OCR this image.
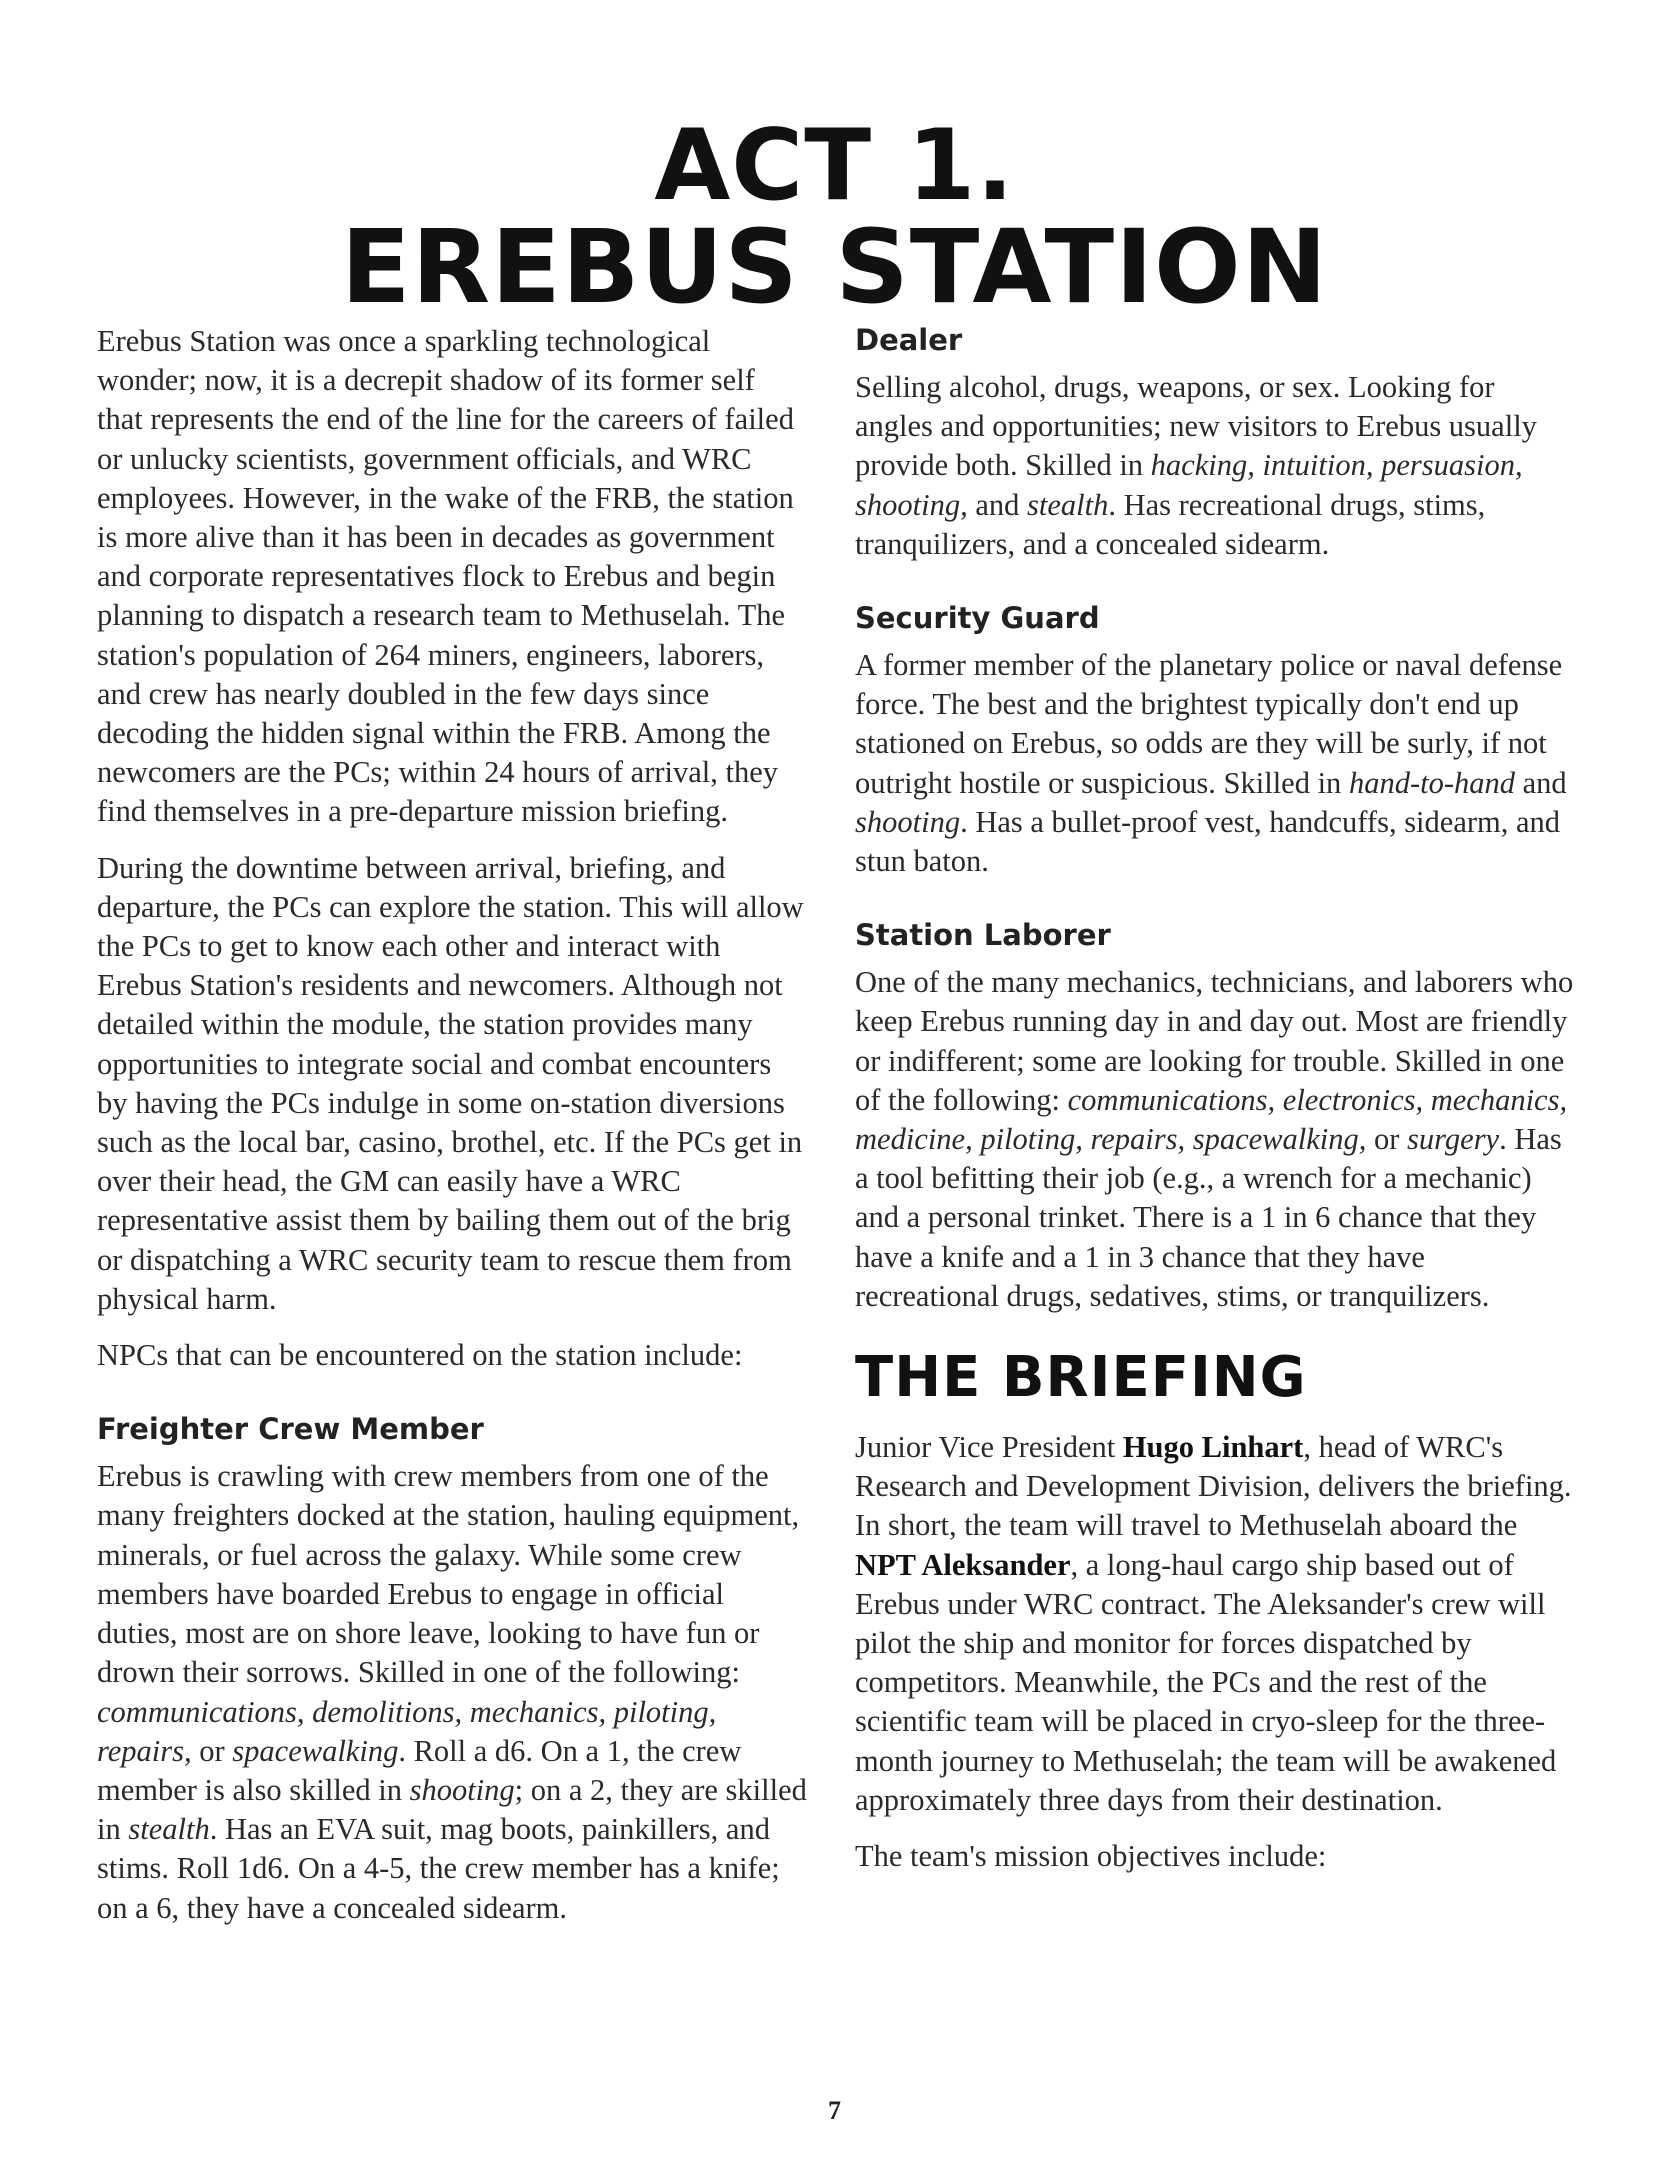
ACT 1.
EREBUS STATION

Erebus Station was once a sparkling technological wonder; now, it is a decrepit shadow of its former self that represents the end of the line for the careers of failed or unlucky scientists, government officials, and WRC employees. However, in the wake of the FRB, the station is more alive than it has been in decades as government and corporate representatives flock to Erebus and begin planning to dispatch a research team to Methuselah. The station's population of 264 miners, engineers, laborers, and crew has nearly doubled in the few days since decoding the hidden signal within the FRB. Among the newcomers are the PCs; within 24 hours of arrival, they find themselves in a pre-departure mission briefing.

During the downtime between arrival, briefing, and departure, the PCs can explore the station. This will allow the PCs to get to know each other and interact with Erebus Station's residents and newcomers. Although not detailed within the module, the station provides many opportunities to integrate social and combat encounters by having the PCs indulge in some on-station diversions such as the local bar, casino, brothel, etc. If the PCs get in over their head, the GM can easily have a WRC representative assist them by bailing them out of the brig or dispatching a WRC security team to rescue them from physical harm.

NPCs that can be encountered on the station include:

Freighter Crew Member

Erebus is crawling with crew members from one of the many freighters docked at the station, hauling equipment, minerals, or fuel across the galaxy. While some crew members have boarded Erebus to engage in official duties, most are on shore leave, looking to have fun or drown their sorrows. Skilled in one of the following: communications, demolitions, mechanics, piloting, repairs, or spacewalking. Roll a d6. On a 1, the crew member is also skilled in shooting; on a 2, they are skilled in stealth. Has an EVA suit, mag boots, painkillers, and stims. Roll 1d6. On a 4-5, the crew member has a knife; on a 6, they have a concealed sidearm.

Dealer

Selling alcohol, drugs, weapons, or sex. Looking for angles and opportunities; new visitors to Erebus usually provide both. Skilled in hacking, intuition, persuasion, shooting, and stealth. Has recreational drugs, stims, tranquilizers, and a concealed sidearm.

Security Guard

A former member of the planetary police or naval defense force. The best and the brightest typically don't end up stationed on Erebus, so odds are they will be surly, if not outright hostile or suspicious. Skilled in hand-to-hand and shooting. Has a bullet-proof vest, handcuffs, sidearm, and stun baton.

Station Laborer

One of the many mechanics, technicians, and laborers who keep Erebus running day in and day out. Most are friendly or indifferent; some are looking for trouble. Skilled in one of the following: communications, electronics, mechanics, medicine, piloting, repairs, spacewalking, or surgery. Has a tool befitting their job (e.g., a wrench for a mechanic) and a personal trinket. There is a 1 in 6 chance that they have a knife and a 1 in 3 chance that they have recreational drugs, sedatives, stims, or tranquilizers.

THE BRIEFING

Junior Vice President Hugo Linhart, head of WRC's Research and Development Division, delivers the briefing. In short, the team will travel to Methuselah aboard the NPT Aleksander, a long-haul cargo ship based out of Erebus under WRC contract. The Aleksander's crew will pilot the ship and monitor for forces dispatched by competitors. Meanwhile, the PCs and the rest of the scientific team will be placed in cryo-sleep for the three-month journey to Methuselah; the team will be awakened approximately three days from their destination.

The team's mission objectives include:

7
